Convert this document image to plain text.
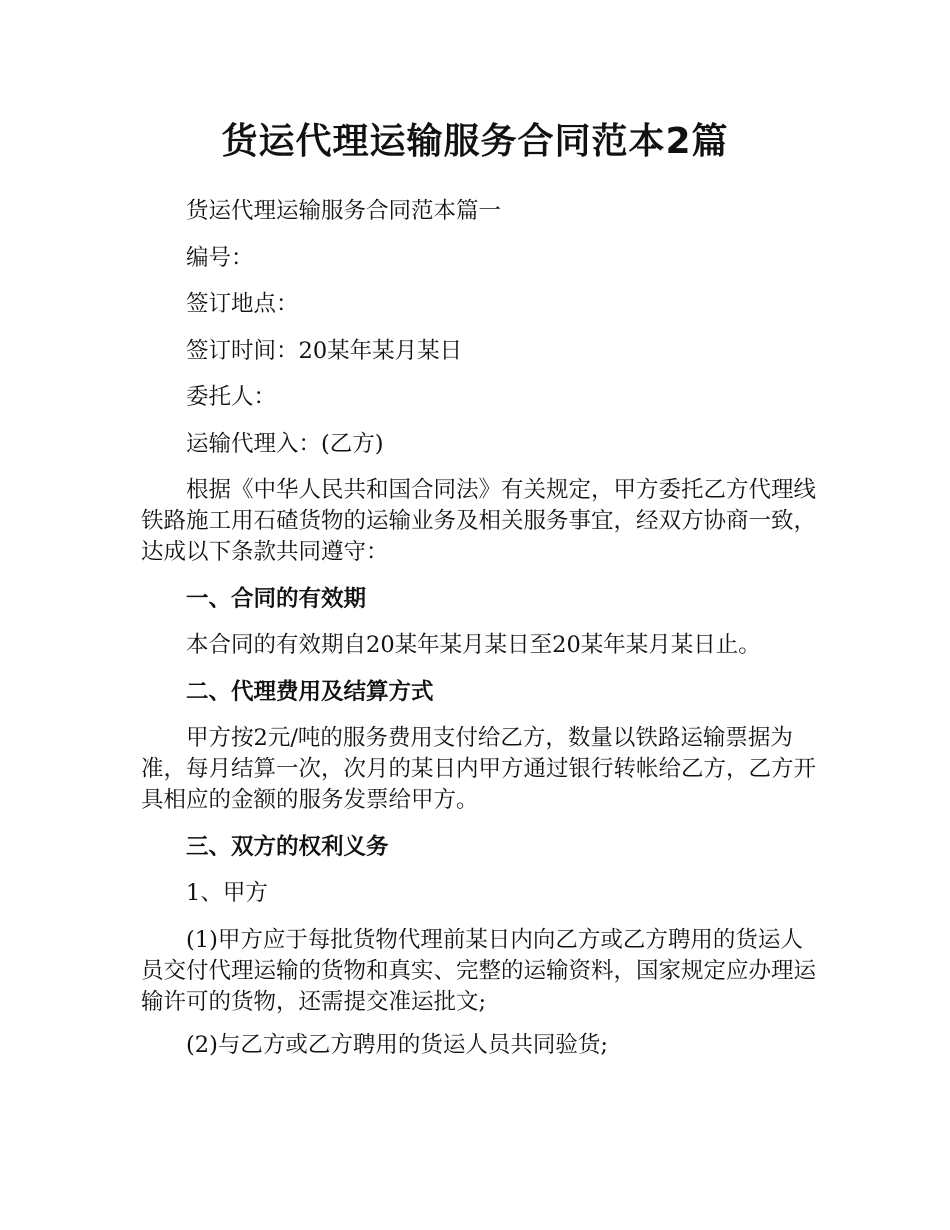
货运代理运输服务合同范本2篇

货运代理运输服务合同范本篇一

编号：

签订地点：

签订时间：20某年某月某日

委托人：

运输代理入：(乙方)

根据《中华人民共和国合同法》有关规定，甲方委托乙方代理线铁路施工用石碴货物的运输业务及相关服务事宜，经双方协商一致，达成以下条款共同遵守：

一、合同的有效期

本合同的有效期自20某年某月某日至20某年某月某日止。

二、代理费用及结算方式

甲方按2元/吨的服务费用支付给乙方，数量以铁路运输票据为准，每月结算一次，次月的某日内甲方通过银行转帐给乙方，乙方开具相应的金额的服务发票给甲方。

三、双方的权利义务

1、甲方

(1)甲方应于每批货物代理前某日内向乙方或乙方聘用的货运人员交付代理运输的货物和真实、完整的运输资料，国家规定应办理运输许可的货物，还需提交准运批文;

(2)与乙方或乙方聘用的货运人员共同验货;
